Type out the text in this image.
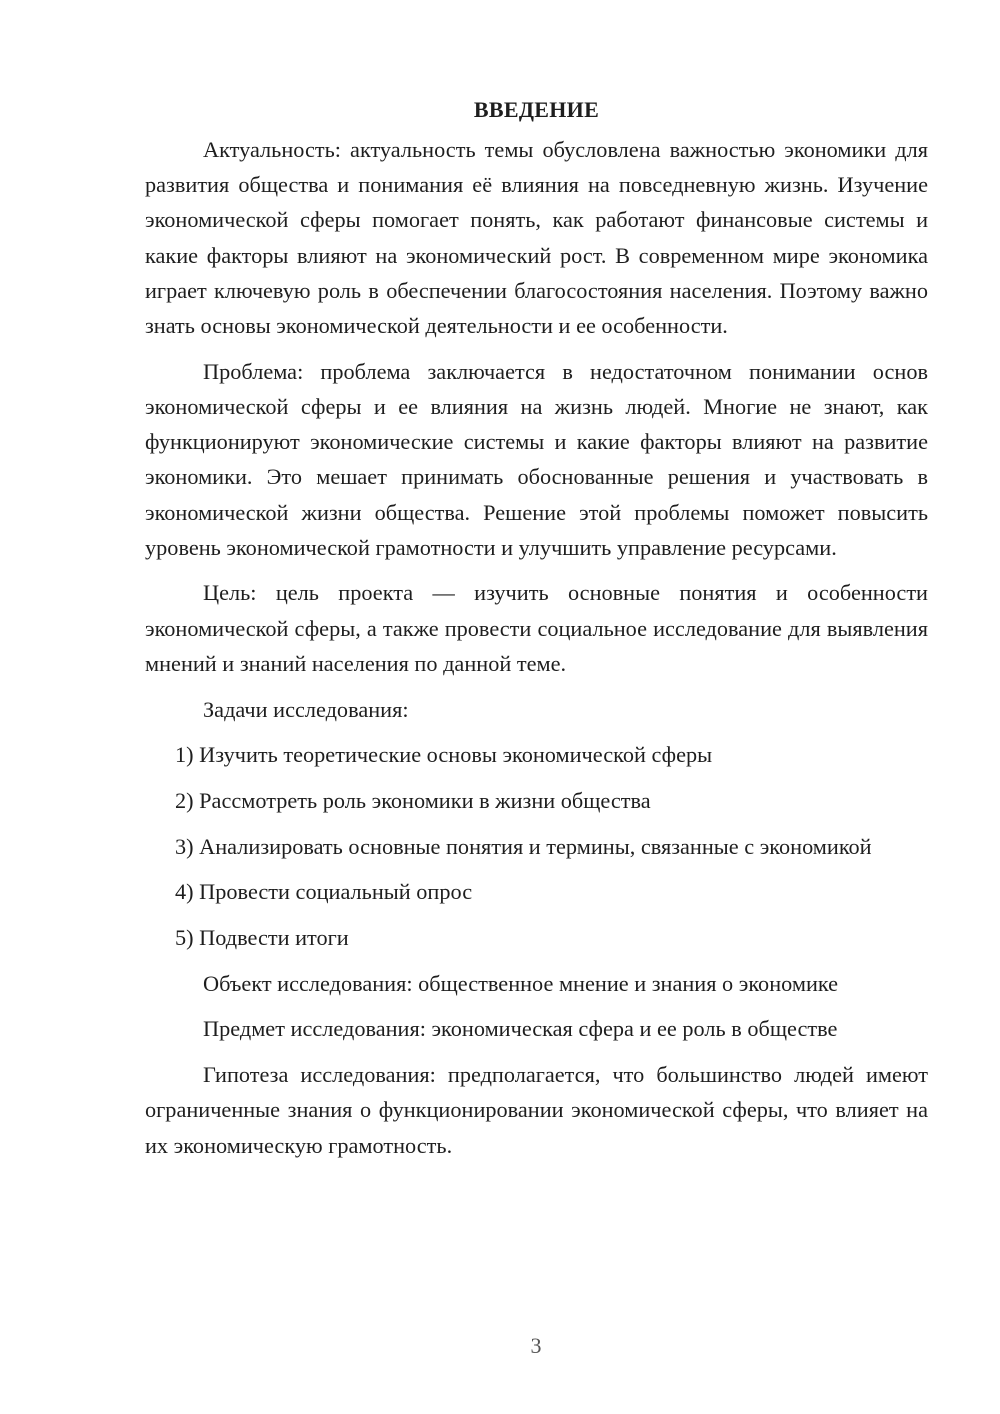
ВВЕДЕНИЕ

Актуальность: актуальность темы обусловлена важностью экономики для развития общества и понимания её влияния на повседневную жизнь. Изучение экономической сферы помогает понять, как работают финансовые системы и какие факторы влияют на экономический рост. В современном мире экономика играет ключевую роль в обеспечении благосостояния населения. Поэтому важно знать основы экономической деятельности и ее особенности.

Проблема: проблема заключается в недостаточном понимании основ экономической сферы и ее влияния на жизнь людей. Многие не знают, как функционируют экономические системы и какие факторы влияют на развитие экономики. Это мешает принимать обоснованные решения и участвовать в экономической жизни общества. Решение этой проблемы поможет повысить уровень экономической грамотности и улучшить управление ресурсами.

Цель: цель проекта — изучить основные понятия и особенности экономической сферы, а также провести социальное исследование для выявления мнений и знаний населения по данной теме.

Задачи исследования:

1) Изучить теоретические основы экономической сферы

2) Рассмотреть роль экономики в жизни общества

3) Анализировать основные понятия и термины, связанные с экономикой

4) Провести социальный опрос

5) Подвести итоги

Объект исследования: общественное мнение и знания о экономике

Предмет исследования: экономическая сфера и ее роль в обществе

Гипотеза исследования: предполагается, что большинство людей имеют ограниченные знания о функционировании экономической сферы, что влияет на их экономическую грамотность.

3
